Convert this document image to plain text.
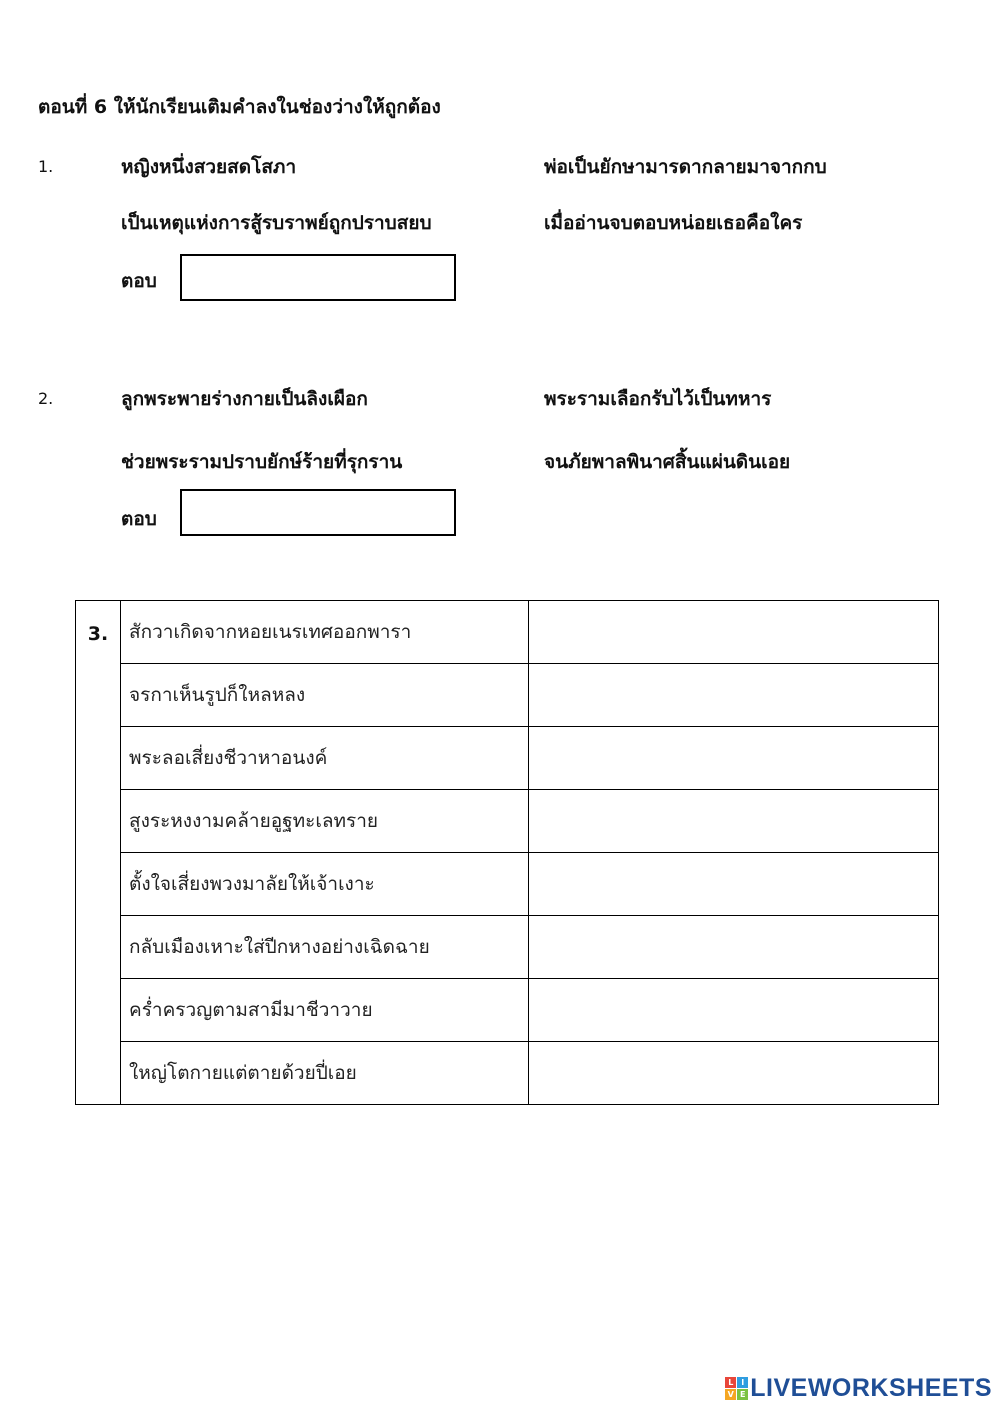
ตอนที่ 6 ให้นักเรียนเติมคำลงในช่องว่างให้ถูกต้อง
1.	หญิงหนึ่งสวยสดโสภา	พ่อเป็นยักษามารดากลายมาจากกบ
เป็นเหตุแห่งการสู้รบราพย์ถูกปราบสยบ	เมื่ออ่านจบตอบหน่อยเธอคือใคร
ตอบ
2.	ลูกพระพายร่างกายเป็นลิงเผือก	พระรามเลือกรับไว้เป็นทหาร
ช่วยพระรามปราบยักษ์ร้ายที่รุกราน	จนภัยพาลพินาศสิ้นแผ่นดินเอย
ตอบ
3.	สักวาเกิดจากหอยเนรเทศออกพารา	
	จรกาเห็นรูปก็ใหลหลง	
	พระลอเสี่ยงชีวาหาอนงค์	
	สูงระหงงามคล้ายอูฐทะเลทราย	
	ตั้งใจเสี่ยงพวงมาลัยให้เจ้าเงาะ	
	กลับเมืองเหาะใส่ปีกหางอย่างเฉิดฉาย	
	คร่ำครวญตามสามีมาชีวาวาย	
	ใหญ่โตกายแต่ตายด้วยปี่เอย	
L I
V E LIVEWORKSHEETS
